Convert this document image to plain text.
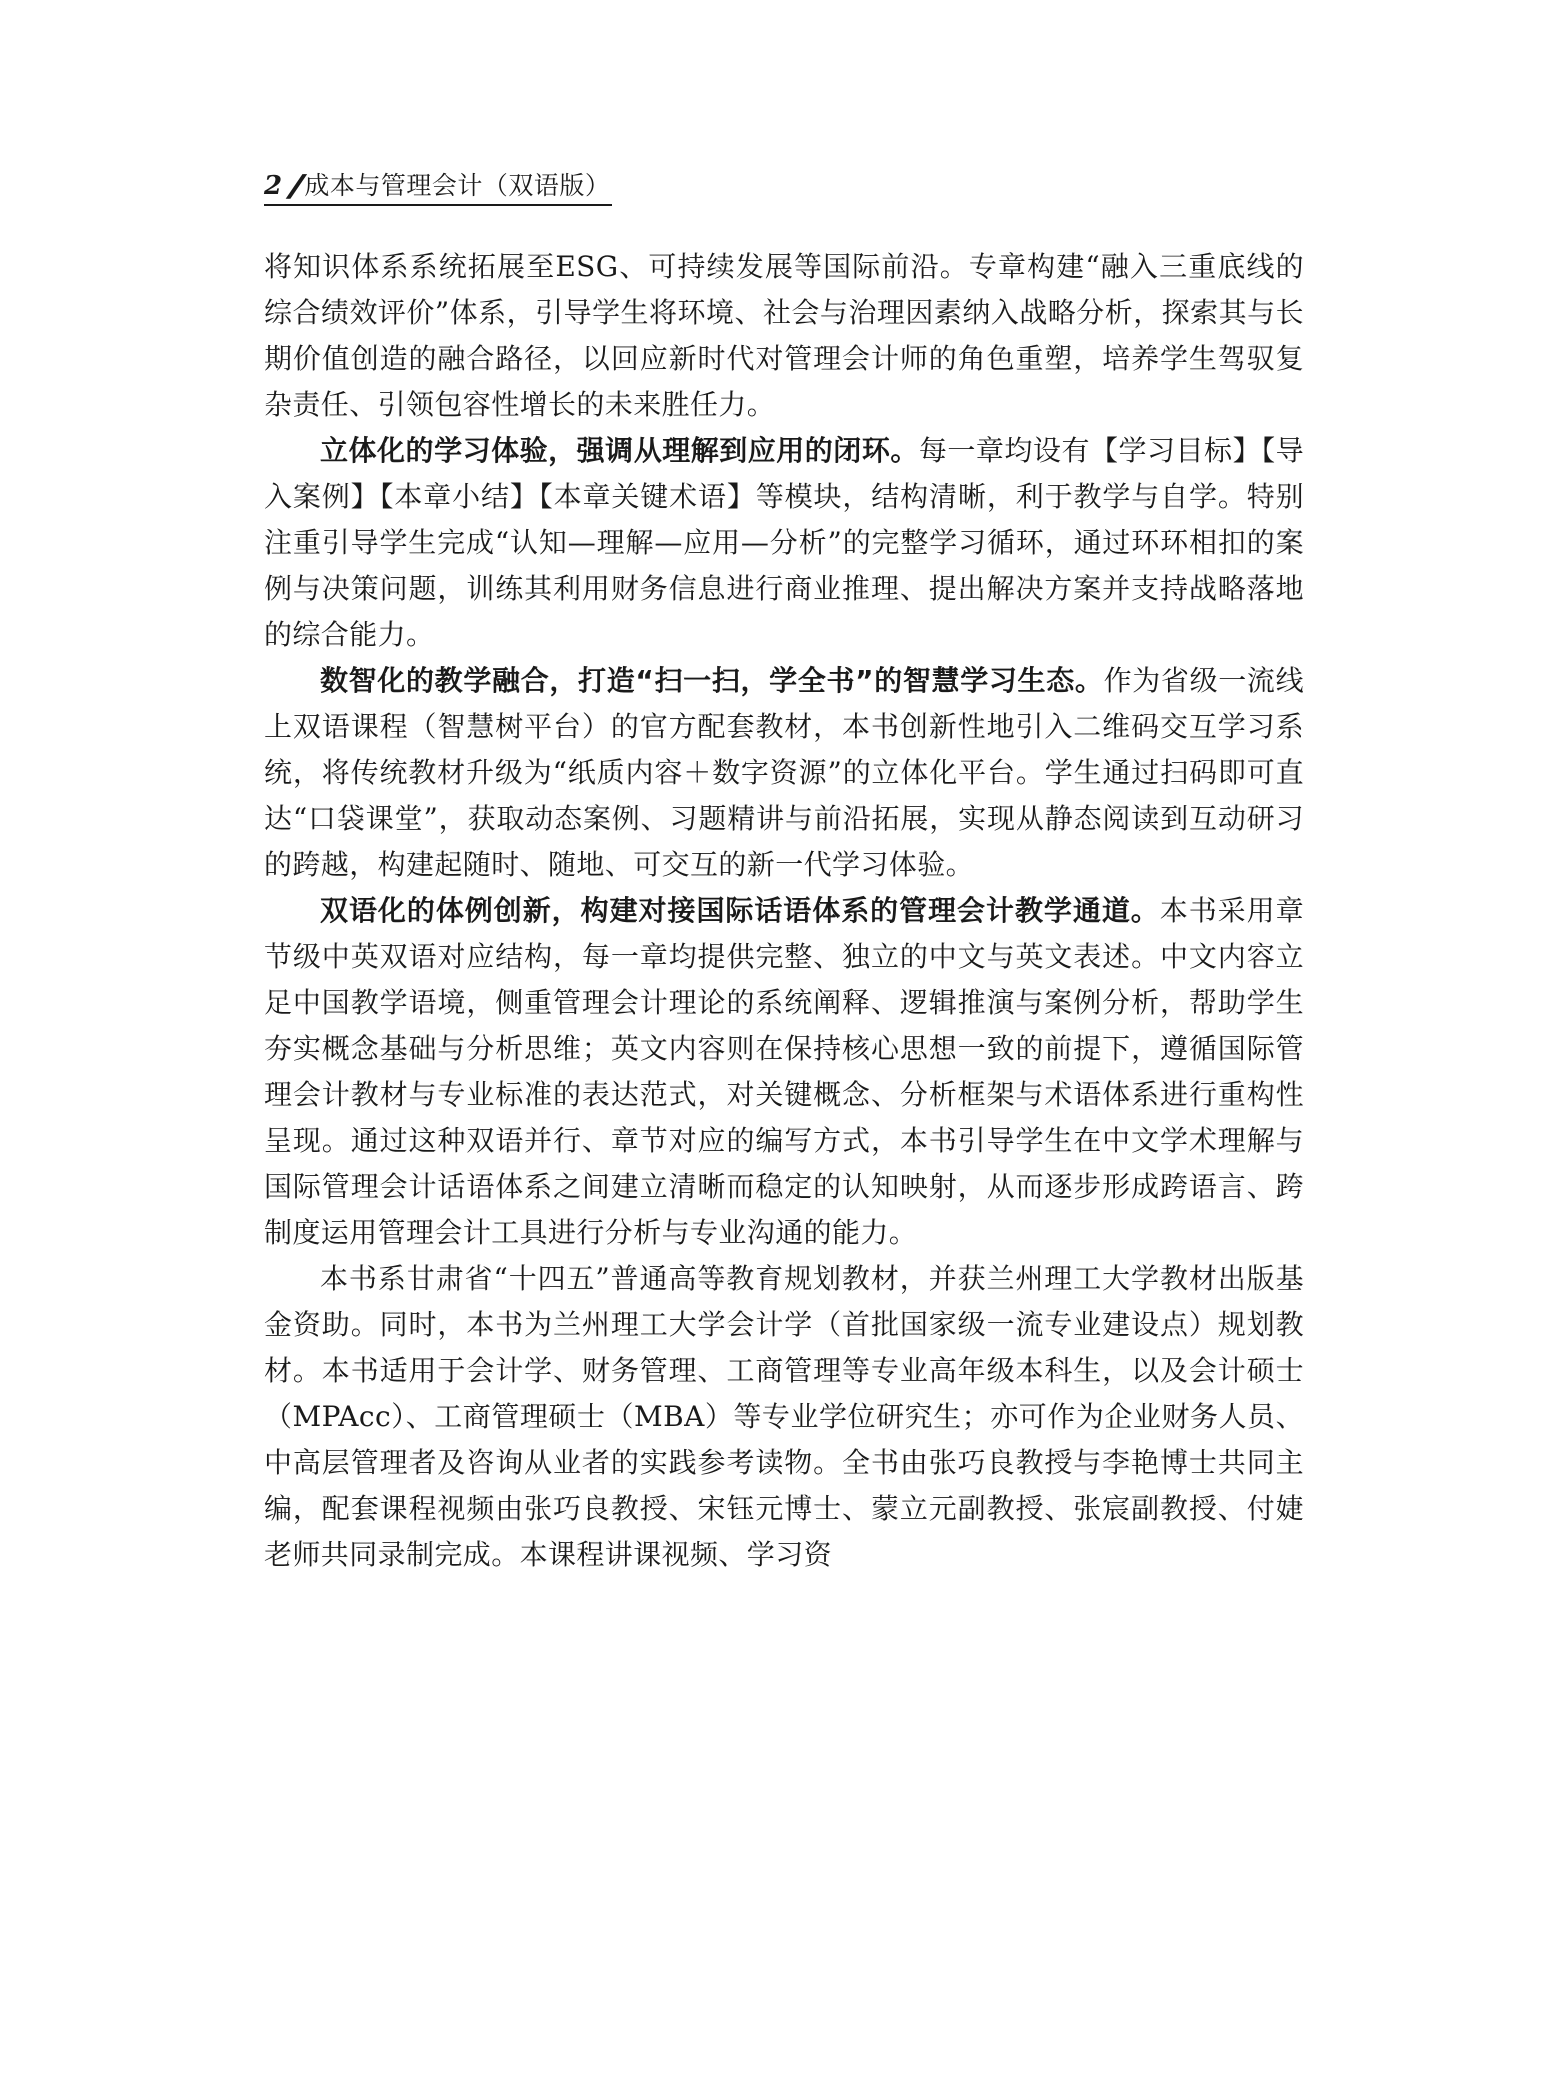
2 // 成本与管理会计（双语版）

将知识体系系统拓展至ESG、可持续发展等国际前沿。专章构建“融入三重底线的综合绩效评价”体系，引导学生将环境、社会与治理因素纳入战略分析，探索其与长期价值创造的融合路径，以回应新时代对管理会计师的角色重塑，培养学生驾驭复杂责任、引领包容性增长的未来胜任力。

立体化的学习体验，强调从理解到应用的闭环。每一章均设有【学习目标】【导入案例】【本章小结】【本章关键术语】等模块，结构清晰，利于教学与自学。特别注重引导学生完成“认知—理解—应用—分析”的完整学习循环，通过环环相扣的案例与决策问题，训练其利用财务信息进行商业推理、提出解决方案并支持战略落地的综合能力。

数智化的教学融合，打造“扫一扫，学全书”的智慧学习生态。作为省级一流线上双语课程（智慧树平台）的官方配套教材，本书创新性地引入二维码交互学习系统，将传统教材升级为“纸质内容＋数字资源”的立体化平台。学生通过扫码即可直达“口袋课堂”，获取动态案例、习题精讲与前沿拓展，实现从静态阅读到互动研习的跨越，构建起随时、随地、可交互的新一代学习体验。

双语化的体例创新，构建对接国际话语体系的管理会计教学通道。本书采用章节级中英双语对应结构，每一章均提供完整、独立的中文与英文表述。中文内容立足中国教学语境，侧重管理会计理论的系统阐释、逻辑推演与案例分析，帮助学生夯实概念基础与分析思维；英文内容则在保持核心思想一致的前提下，遵循国际管理会计教材与专业标准的表达范式，对关键概念、分析框架与术语体系进行重构性呈现。通过这种双语并行、章节对应的编写方式，本书引导学生在中文学术理解与国际管理会计话语体系之间建立清晰而稳定的认知映射，从而逐步形成跨语言、跨制度运用管理会计工具进行分析与专业沟通的能力。

本书系甘肃省“十四五”普通高等教育规划教材，并获兰州理工大学教材出版基金资助。同时，本书为兰州理工大学会计学（首批国家级一流专业建设点）规划教材。本书适用于会计学、财务管理、工商管理等专业高年级本科生，以及会计硕士（MPAcc）、工商管理硕士（MBA）等专业学位研究生；亦可作为企业财务人员、中高层管理者及咨询从业者的实践参考读物。全书由张巧良教授与李艳博士共同主编，配套课程视频由张巧良教授、宋钰元博士、蒙立元副教授、张宸副教授、付婕老师共同录制完成。本课程讲课视频、学习资
